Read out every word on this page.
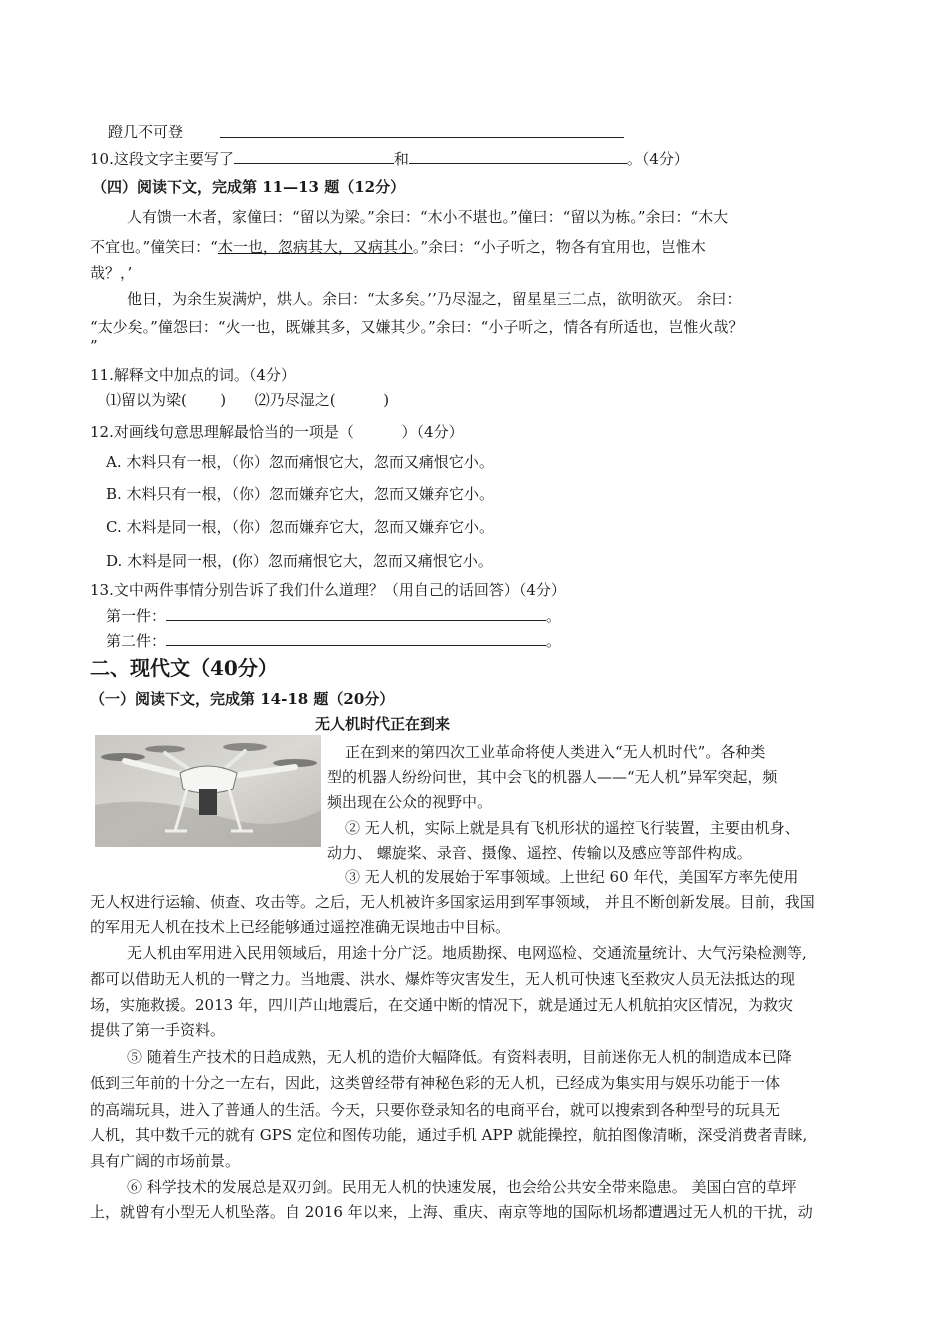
蹬几不可登
10.这段文字主要写了	和	。（4分）
（四）阅读下文，完成第 11—13 题（12分）
人有馈一木者，家僮曰：“留以为梁。”余曰：“木小不堪也。”僮曰：“留以为栋。”余曰：“木大
不宜也。”僮笑曰：“木一也，忽病其大，又病其小。”余曰：“小子听之，物各有宜用也，岂惟木
哉？，’
他日，为余生炭满炉，烘人。余曰：“太多矣。’’乃尽湿之，留星星三二点，欲明欲灭。 余曰：
“太少矣。”僮怨曰：“火一也，既嫌其多，又嫌其少。”余曰：“小子听之，情各有所适也，岂惟火哉？
”
11.解释文中加点的词。（4分）
⑴留以为梁(       )      ⑵乃尽湿之(          )
12.对画线句意思理解最恰当的一项是（          ）（4分）
A. 木料只有一根，（你）忽而痛恨它大，忽而又痛恨它小。
B. 木料只有一根，（你）忽而嫌弃它大，忽而又嫌弃它小。
C. 木料是同一根，（你）忽而嫌弃它大，忽而又嫌弃它小。
D. 木料是同一根，(你）忽而痛恨它大，忽而又痛恨它小。
13.文中两件事情分别告诉了我们什么道理？（用自己的话回答）（4分）
第一件：	。
第二件：	。
二、现代文（40分）
（一）阅读下文，完成第 14-18 题（20分）
无人机时代正在到来
正在到来的第四次工业革命将使人类进入“无人机时代”。各种类
型的机器人纷纷问世，其中会飞的机器人——“无人机”异军突起，频
频出现在公众的视野中。
② 无人机，实际上就是具有飞机形状的遥控飞行装置，主要由机身、
动力、 螺旋桨、录音、摄像、遥控、传输以及感应等部件构成。
③ 无人机的发展始于军事领域。上世纪 60 年代，美国军方率先使用
无人权进行运输、侦查、攻击等。之后，无人机被许多国家运用到军事领域， 并且不断创新发展。目前，我国
的军用无人机在技术上已经能够通过遥控准确无误地击中目标。
无人机由军用进入民用领域后，用途十分广泛。地质勘探、电网巡检、交通流量统计、大气污染检测等,
都可以借助无人机的一臂之力。当地震、洪水、爆炸等灾害发生，无人机可快速飞至救灾人员无法抵达的现
场，实施救援。2013 年，四川芦山地震后，在交通中断的情况下，就是通过无人机航拍灾区情况，为救灾
提供了第一手资料。
⑤ 随着生产技术的日趋成熟，无人机的造价大幅降低。有资料表明，目前迷你无人机的制造成本已降
低到三年前的十分之一左右，因此，这类曾经带有神秘色彩的无人机，已经成为集实用与娱乐功能于一体
的高端玩具，进入了普通人的生活。今天，只要你登录知名的电商平台，就可以搜索到各种型号的玩具无
人机，其中数千元的就有 GPS 定位和图传功能，通过手机 APP 就能操控，航拍图像清晰，深受消费者青睐,
具有广阔的市场前景。
⑥ 科学技术的发展总是双刃剑。民用无人机的快速发展，也会给公共安全带来隐患。 美国白宫的草坪
上，就曾有小型无人机坠落。自 2016 年以来，上海、重庆、南京等地的国际机场都遭遇过无人机的干扰，动
